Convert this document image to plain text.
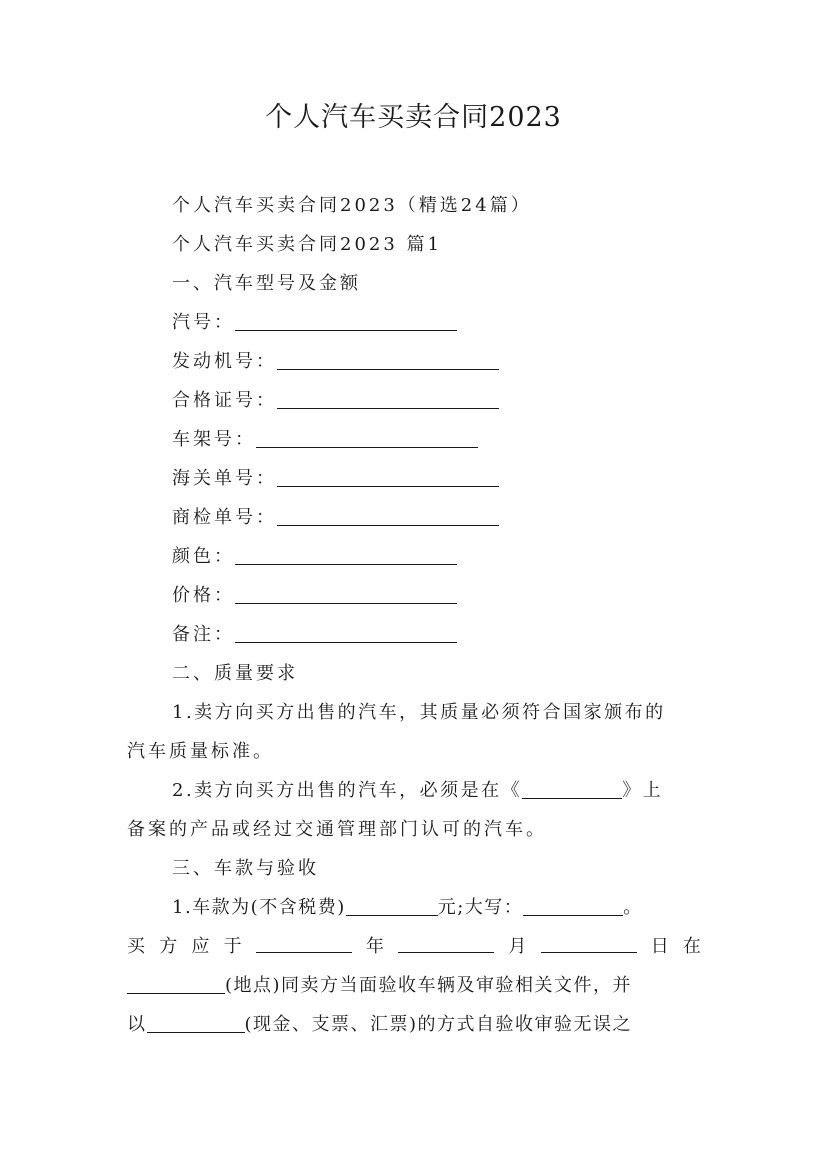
个人汽车买卖合同2023
个人汽车买卖合同2023（精选24篇）
个人汽车买卖合同2023 篇1
一、汽车型号及金额
汽号：
发动机号：
合格证号：
车架号：
海关单号：
商检单号：
颜色：
价格：
备注：
二、质量要求
1.卖方向买方出售的汽车，其质量必须符合国家颁布的
汽车质量标准。
2.卖方向买方出售的汽车，必须是在《	》上
备案的产品或经过交通管理部门认可的汽车。
三、车款与验收
1.车款为(不含税费)	元;大写：	。
买 方 应 于	年	月	日 在
(地点)同卖方当面验收车辆及审验相关文件，并
以	(现金、支票、汇票)的方式自验收审验无误之
